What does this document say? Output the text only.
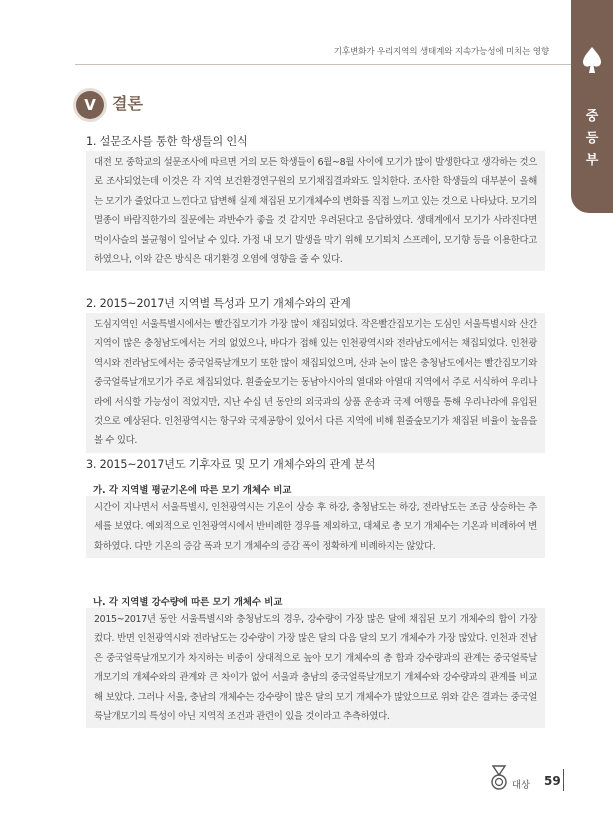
기후변화가 우리지역의 생태계와 지속가능성에 미치는 영향
중등부
V	결론
1. 설문조사를 통한 학생들의 인식

대전 모 중학교의 설문조사에 따르면 거의 모든 학생들이 6월~8월 사이에 모기가 많이 발생한다고 생각하는 것으로 조사되었는데 이것은 각 지역 보건환경연구원의 모기채집결과와도 일치한다. 조사한 학생들의 대부분이 올해는 모기가 줄었다고 느낀다고 답변해 실제 채집된 모기개체수의 변화를 직접 느끼고 있는 것으로 나타났다. 모기의 멸종이 바람직한가의 질문에는 과반수가 좋을 것 같지만 우려된다고 응답하였다. 생태계에서 모기가 사라진다면 먹이사슬의 불균형이 일어날 수 있다. 가정 내 모기 발생을 막기 위해 모기퇴치 스프레이, 모기향 등을 이용한다고 하였으나, 이와 같은 방식은 대기환경 오염에 영향을 줄 수 있다.

2. 2015~2017년 지역별 특성과 모기 개체수와의 관계

도심지역인 서울특별시에서는 빨간집모기가 가장 많이 채집되었다. 작은빨간집모기는 도심인 서울특별시와 산간지역이 많은 충청남도에서는 거의 없었으나, 바다가 접해 있는 인천광역시와 전라남도에서는 채집되었다. 인천광역시와 전라남도에서는 중국얼룩날개모기 또한 많이 채집되었으며, 산과 논이 많은 충청남도에서는 빨간집모기와 중국얼룩날개모기가 주로 채집되었다. 흰줄숲모기는 동남아시아의 열대와 아열대 지역에서 주로 서식하여 우리나라에 서식할 가능성이 적었지만, 지난 수십 년 동안의 외국과의 상품 운송과 국제 여행을 통해 우리나라에 유입된 것으로 예상된다. 인천광역시는 항구와 국제공항이 있어서 다른 지역에 비해 흰줄숲모기가 채집된 비율이 높음을 볼 수 있다.

3. 2015~2017년도 기후자료 및 모기 개체수와의 관계 분석
가. 각 지역별 평균기온에 따른 모기 개체수 비교

시간이 지나면서 서울특별시, 인천광역시는 기온이 상승 후 하강, 충청남도는 하강, 전라남도는 조금 상승하는 추세를 보였다. 예외적으로 인천광역시에서 반비례한 경우를 제외하고, 대체로 총 모기 개체수는 기온과 비례하여 변화하였다. 다만 기온의 증감 폭과 모기 개체수의 증감 폭이 정확하게 비례하지는 않았다.

나. 각 지역별 강수량에 따른 모기 개체수 비교

2015~2017년 동안 서울특별시와 충청남도의 경우, 강수량이 가장 많은 달에 채집된 모기 개체수의 합이 가장 컸다. 반면 인천광역시와 전라남도는 강수량이 가장 많은 달의 다음 달의 모기 개체수가 가장 많았다. 인천과 전남은 중국얼룩날개모기가 차지하는 비중이 상대적으로 높아 모기 개체수의 총 합과 강수량과의 관계는 중국얼룩날개모기의 개체수와의 관계와 큰 차이가 없어 서울과 충남의 중국얼룩날개모기 개체수와 강수량과의 관계를 비교해 보았다. 그러나 서울, 충남의 개체수는 강수량이 많은 달의 모기 개체수가 많았으므로 위와 같은 결과는 중국얼룩날개모기의 특성이 아닌 지역적 조건과 관련이 있을 것이라고 추측하였다.

대상 59
